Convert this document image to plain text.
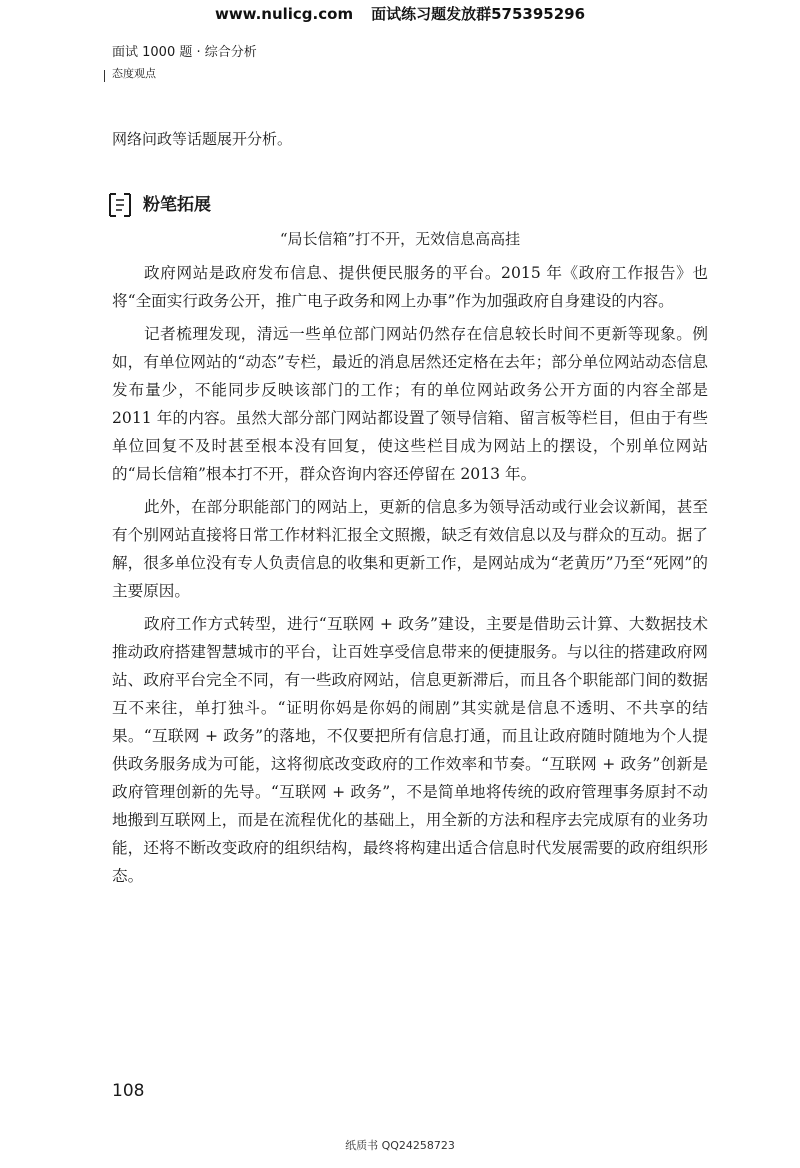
www.nulicg.com 面试练习题发放群575395296
面试 1000 题 · 综合分析
态度观点
网络问政等话题展开分析。
粉笔拓展
“局长信箱”打不开，无效信息高高挂

政府网站是政府发布信息、提供便民服务的平台。2015 年《政府工作报告》也将“全面实行政务公开，推广电子政务和网上办事”作为加强政府自身建设的内容。

记者梳理发现，清远一些单位部门网站仍然存在信息较长时间不更新等现象。例如，有单位网站的“动态”专栏，最近的消息居然还定格在去年；部分单位网站动态信息发布量少，不能同步反映该部门的工作；有的单位网站政务公开方面的内容全部是 2011 年的内容。虽然大部分部门网站都设置了领导信箱、留言板等栏目，但由于有些单位回复不及时甚至根本没有回复，使这些栏目成为网站上的摆设，个别单位网站的“局长信箱”根本打不开，群众咨询内容还停留在 2013 年。

此外，在部分职能部门的网站上，更新的信息多为领导活动或行业会议新闻，甚至有个别网站直接将日常工作材料汇报全文照搬，缺乏有效信息以及与群众的互动。据了解，很多单位没有专人负责信息的收集和更新工作，是网站成为“老黄历”乃至“死网”的主要原因。

政府工作方式转型，进行“互联网 + 政务”建设，主要是借助云计算、大数据技术推动政府搭建智慧城市的平台，让百姓享受信息带来的便捷服务。与以往的搭建政府网站、政府平台完全不同，有一些政府网站，信息更新滞后，而且各个职能部门间的数据互不来往，单打独斗。“证明你妈是你妈的闹剧”其实就是信息不透明、不共享的结果。“互联网 + 政务”的落地，不仅要把所有信息打通，而且让政府随时随地为个人提供政务服务成为可能，这将彻底改变政府的工作效率和节奏。“互联网 + 政务”创新是政府管理创新的先导。“互联网 + 政务”，不是简单地将传统的政府管理事务原封不动地搬到互联网上，而是在流程优化的基础上，用全新的方法和程序去完成原有的业务功能，还将不断改变政府的组织结构，最终将构建出适合信息时代发展需要的政府组织形态。

108
纸质书 QQ24258723
